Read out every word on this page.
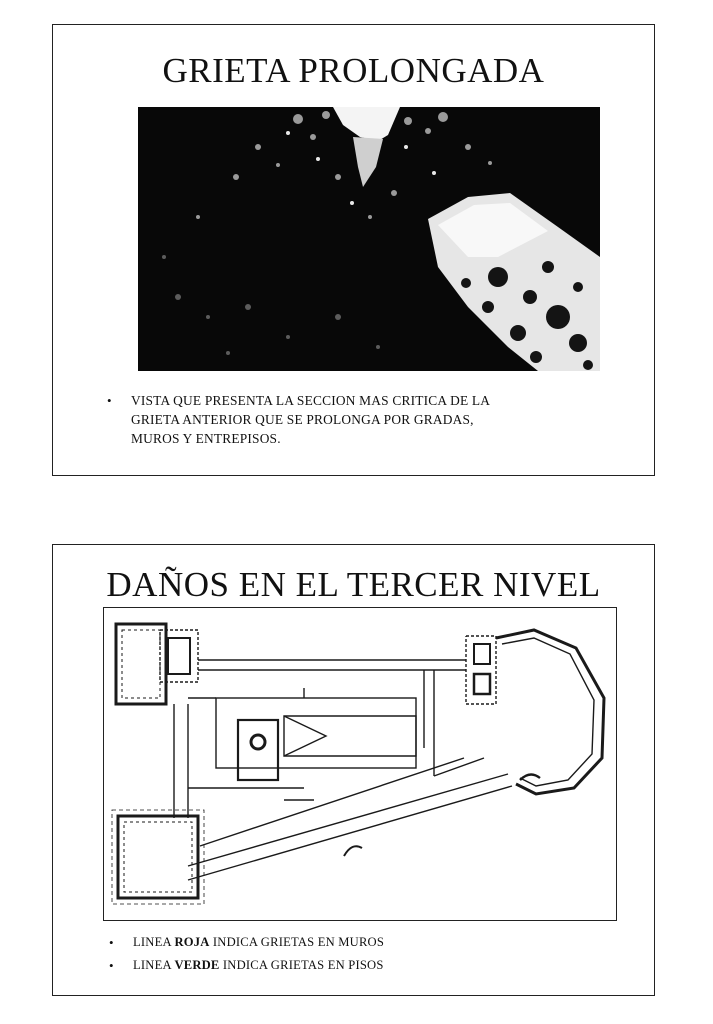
GRIETA PROLONGADA
• VISTA QUE PRESENTA LA SECCION MAS CRITICA DE LA
GRIETA ANTERIOR QUE SE PROLONGA POR GRADAS,
MUROS Y ENTREPISOS.
DAÑOS EN EL TERCER NIVEL
• LINEA ROJA INDICA GRIETAS EN MUROS
• LINEA VERDE INDICA GRIETAS EN PISOS
